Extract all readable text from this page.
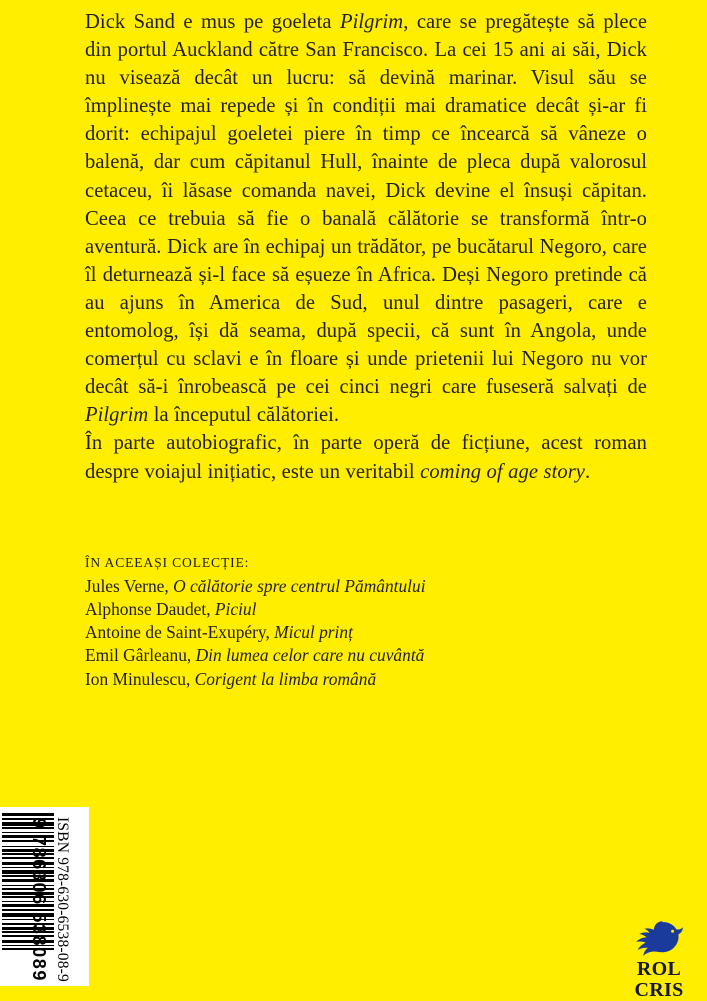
Dick Sand e mus pe goeleta Pilgrim, care se pregătește să plece din portul Auckland către San Francisco. La cei 15 ani ai săi, Dick nu visează decât un lucru: să devină marinar. Visul său se împlinește mai repede și în condiții mai dramatice decât și-ar fi dorit: echipajul goeletei piere în timp ce încearcă să vâneze o balenă, dar cum căpitanul Hull, înainte de pleca după valorosul cetaceu, îi lăsase comanda navei, Dick devine el însuși căpitan. Ceea ce trebuia să fie o banală călătorie se transformă într-o aventură. Dick are în echipaj un trădător, pe bucătarul Negoro, care îl deturnează și-l face să eșueze în Africa. Deși Negoro pretinde că au ajuns în America de Sud, unul dintre pasageri, care e entomolog, își dă seama, după specii, că sunt în Angola, unde comerțul cu sclavi e în floare și unde prietenii lui Negoro nu vor decât să-i înrobească pe cei cinci negri care fuseseră salvați de Pilgrim la începutul călătoriei.

În parte autobiografic, în parte operă de ficțiune, acest roman despre voiajul inițiatic, este un veritabil coming of age story.

ÎN ACEEAȘI COLECȚIE:
Jules Verne, O călătorie spre centrul Pământului
Alphonse Daudet, Piciul
Antoine de Saint-Exupéry, Micul prinț
Emil Gârleanu, Din lumea celor care nu cuvântă
Ion Minulescu, Corigent la limba română
9 786306 538089 ISBN 978-630-6538-08-9	ROL
CRIS
